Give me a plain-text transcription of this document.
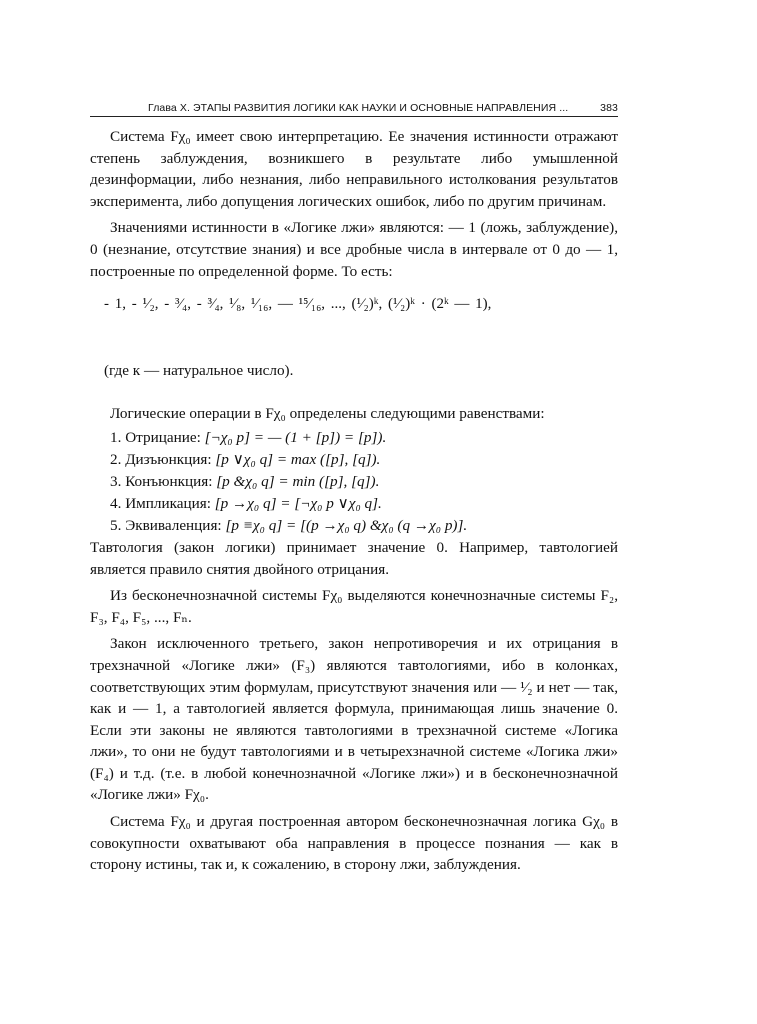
Глава X. ЭТАПЫ РАЗВИТИЯ ЛОГИКИ КАК НАУКИ И ОСНОВНЫЕ НАПРАВЛЕНИЯ ...	383

Система Fχ₀ имеет свою интерпретацию. Ее значения истинности отражают степень заблуждения, возникшего в результате либо умышленной дезинформации, либо незнания, либо неправильного истолкования результатов эксперимента, либо допущения логических ошибок, либо по другим причинам.

Значениями истинности в «Логике лжи» являются: — 1 (ложь, заблуждение), 0 (незнание, отсутствие знания) и все дробные числа в интервале от 0 до — 1, построенные по определенной форме. То есть:

- 1, - ¹⁄₂, - ³⁄₄, - ³⁄₄, ¹⁄₈, ¹⁄₁₆, — ¹⁵⁄₁₆, ..., (¹⁄₂)ᵏ, (¹⁄₂)ᵏ · (2ᵏ — 1),

(где к — натуральное число).

Логические операции в Fχ₀ определены следующими равенствами:

1. Отрицание: [¬χ₀ p] = — (1 + [p]) = [p]).
2. Дизъюнкция: [p ∨χ₀ q] = max ([p], [q]).
3. Конъюнкция: [p &χ₀ q] = min ([p], [q]).
4. Импликация: [p →χ₀ q] = [¬χ₀ p ∨χ₀ q].
5. Эквиваленция: [p ≡χ₀ q] = [(p →χ₀ q) &χ₀ (q →χ₀ p)].

Тавтология (закон логики) принимает значение 0. Например, тавтологией является правило снятия двойного отрицания.

Из бесконечнозначной системы Fχ₀ выделяются конечнозначные системы F₂, F₃, F₄, F₅, ..., Fₙ.

Закон исключенного третьего, закон непротиворечия и их отрицания в трехзначной «Логике лжи» (F₃) являются тавтологиями, ибо в колонках, соответствующих этим формулам, присутствуют значения или — ¹⁄₂ и нет — так, как и — 1, а тавтологией является формула, принимающая лишь значение 0. Если эти законы не являются тавтологиями в трехзначной системе «Логика лжи», то они не будут тавтологиями и в четырехзначной системе «Логика лжи» (F₄) и т.д. (т.е. в любой конечнозначной «Логике лжи») и в бесконечнозначной «Логике лжи» Fχ₀.

Система Fχ₀ и другая построенная автором бесконечнозначная логика Gχ₀ в совокупности охватывают оба направления в процессе познания — как в сторону истины, так и, к сожалению, в сторону лжи, заблуждения.
